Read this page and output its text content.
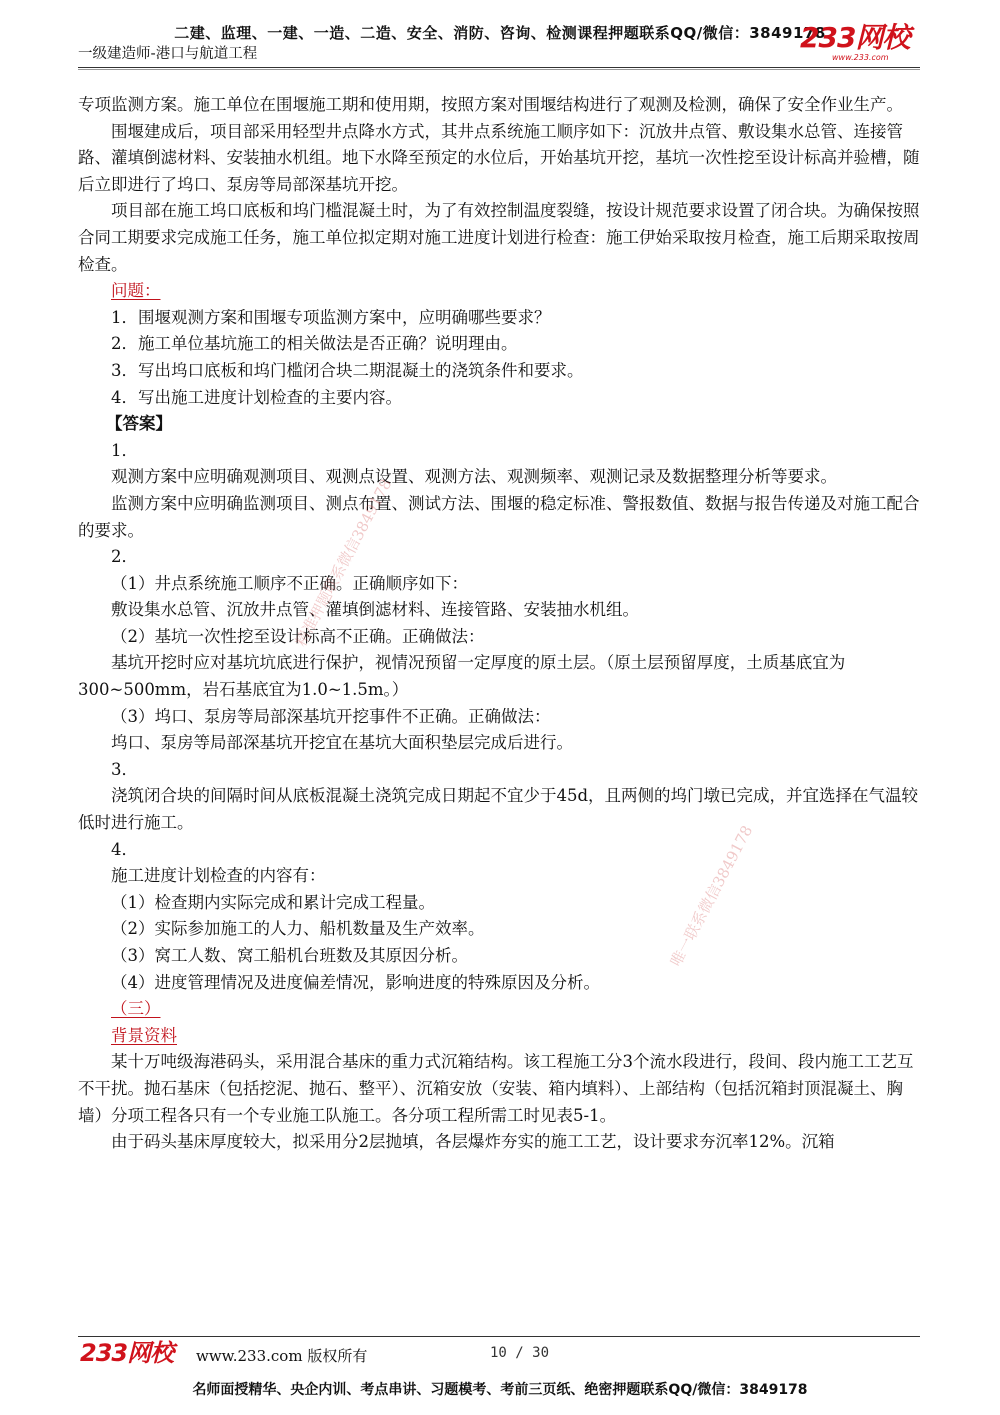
二建、监理、一建、一造、二造、安全、消防、咨询、检测课程押题联系QQ/微信：3849178
一级建造师-港口与航道工程	233网校
www.233.com

专项监测方案。施工单位在围堰施工期和使用期，按照方案对围堰结构进行了观测及检测，确保了安全作业生产。

围堰建成后，项目部采用轻型井点降水方式，其井点系统施工顺序如下：沉放井点管、敷设集水总管、连接管路、灌填倒滤材料、安装抽水机组。地下水降至预定的水位后，开始基坑开挖，基坑一次性挖至设计标高并验槽，随后立即进行了坞口、泵房等局部深基坑开挖。

项目部在施工坞口底板和坞门槛混凝土时，为了有效控制温度裂缝，按设计规范要求设置了闭合块。为确保按照合同工期要求完成施工任务，施工单位拟定期对施工进度计划进行检查：施工伊始采取按月检查，施工后期采取按周检查。

问题：

1．围堰观测方案和围堰专项监测方案中，应明确哪些要求？

2．施工单位基坑施工的相关做法是否正确？说明理由。

3．写出坞口底板和坞门槛闭合块二期混凝土的浇筑条件和要求。

4．写出施工进度计划检查的主要内容。

【答案】

1．

观测方案中应明确观测项目、观测点设置、观测方法、观测频率、观测记录及数据整理分析等要求。

监测方案中应明确监测项目、测点布置、测试方法、围堰的稳定标准、警报数值、数据与报告传递及对施工配合的要求。

2．

（1）井点系统施工顺序不正确。正确顺序如下：

敷设集水总管、沉放井点管、灌填倒滤材料、连接管路、安装抽水机组。

（2）基坑一次性挖至设计标高不正确。正确做法：

基坑开挖时应对基坑坑底进行保护，视情况预留一定厚度的原土层。（原土层预留厚度，土质基底宜为300~500mm，岩石基底宜为1.0~1.5m。）

（3）坞口、泵房等局部深基坑开挖事件不正确。正确做法：

坞口、泵房等局部深基坑开挖宜在基坑大面积垫层完成后进行。

3．

浇筑闭合块的间隔时间从底板混凝土浇筑完成日期起不宜少于45d，且两侧的坞门墩已完成，并宜选择在气温较低时进行施工。

4．

施工进度计划检查的内容有：

（1）检查期内实际完成和累计完成工程量。

（2）实际参加施工的人力、船机数量及生产效率。

（3）窝工人数、窝工船机台班数及其原因分析。

（4）进度管理情况及进度偏差情况，影响进度的特殊原因及分析。

（三）

背景资料

某十万吨级海港码头，采用混合基床的重力式沉箱结构。该工程施工分3个流水段进行，段间、段内施工工艺互不干扰。抛石基床（包括挖泥、抛石、整平）、沉箱安放（安装、箱内填料）、上部结构（包括沉箱封顶混凝土、胸墙）分项工程各只有一个专业施工队施工。各分项工程所需工时见表5-1。

由于码头基床厚度较大，拟采用分2层抛填，各层爆炸夯实的施工工艺，设计要求夯沉率12%。沉箱

精准押题联系微信3849178
唯一联系微信3849178
233网校 www.233.com 版权所有	10 / 30
名师面授精华、央企内训、考点串讲、习题模考、考前三页纸、绝密押题联系QQ/微信：3849178
